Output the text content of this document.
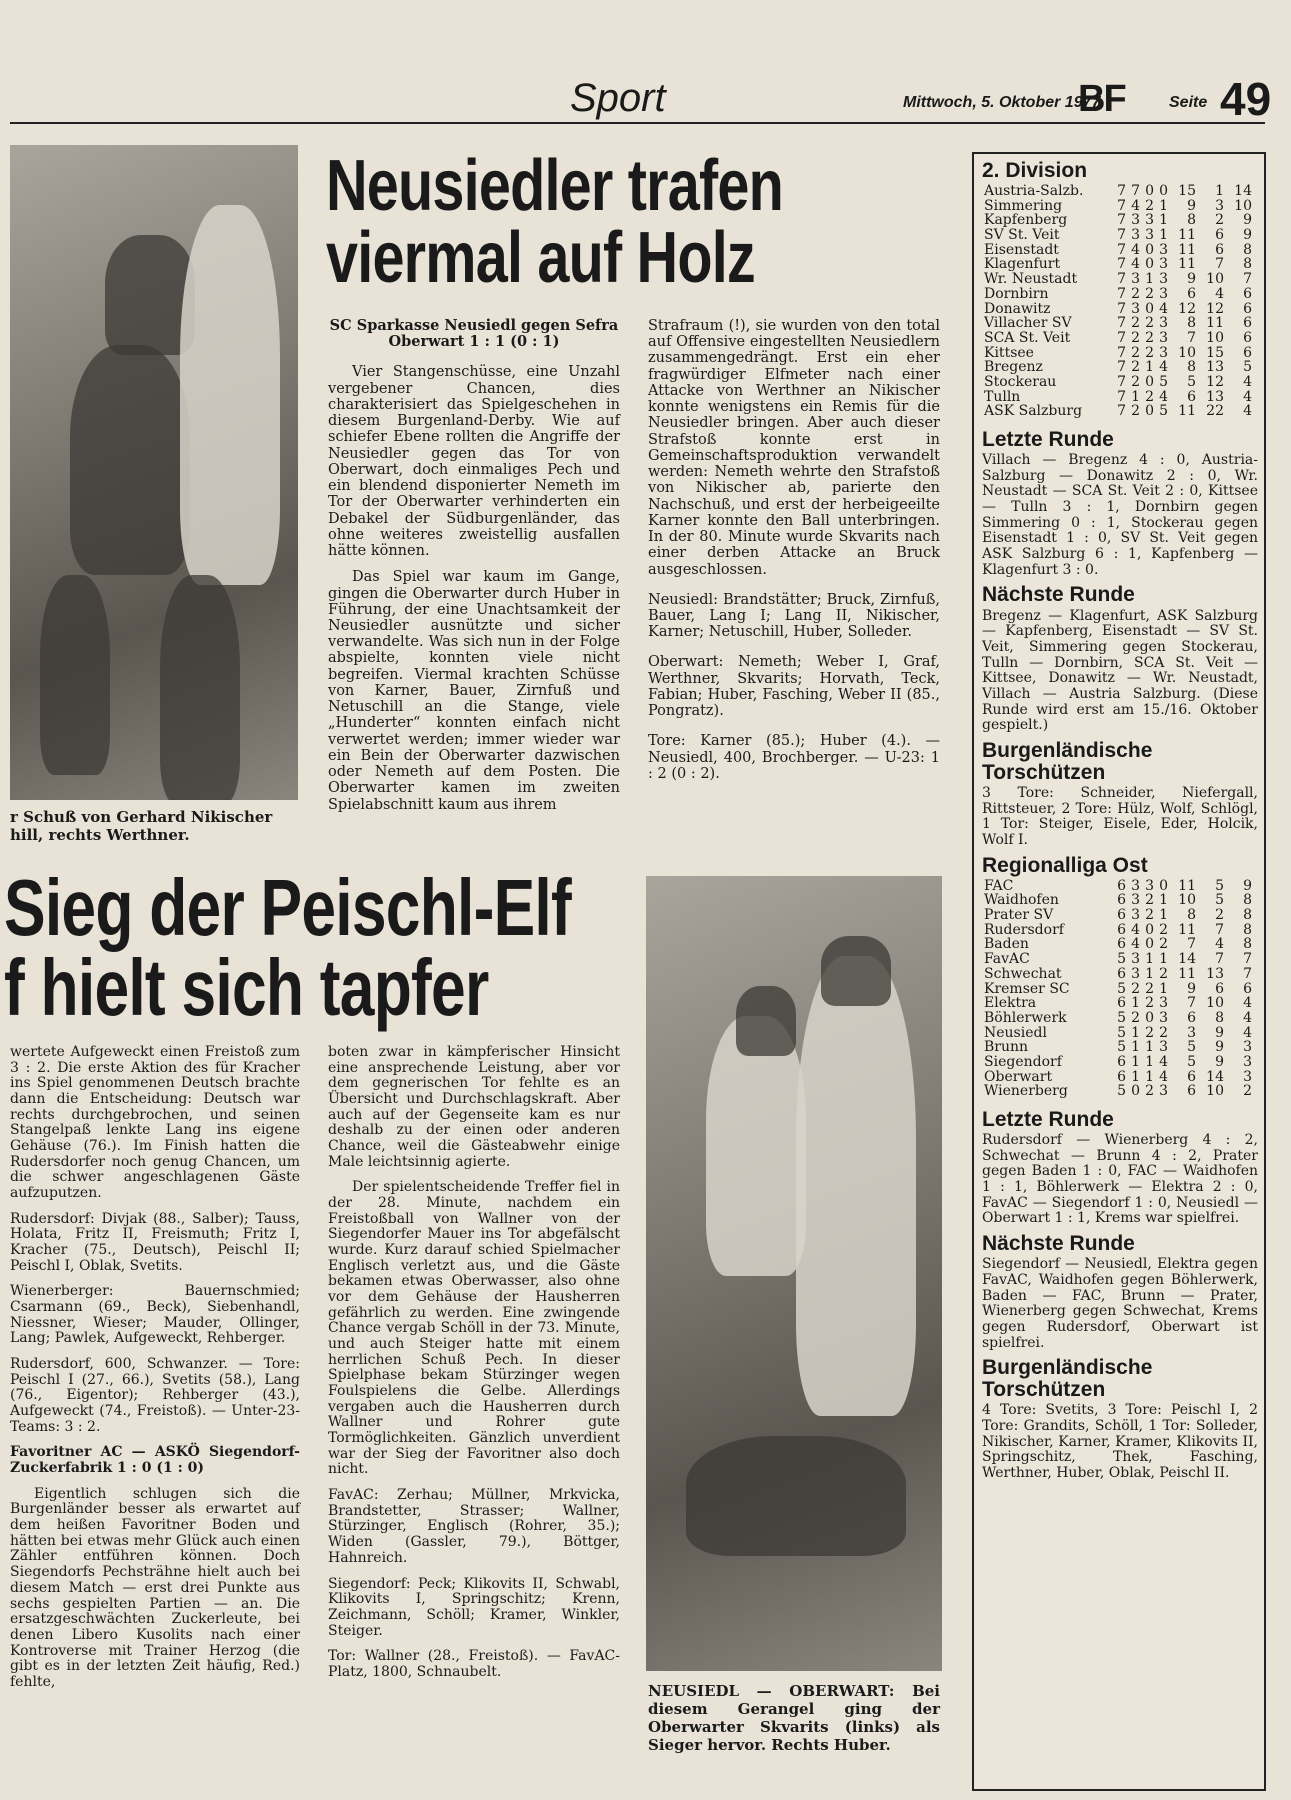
Sport	Mittwoch, 5. Oktober 1977
BF	Seite 49
r Schuß von Gerhard Nikischer hill, rechts Werthner.
Neusiedler trafen
viermal auf Holz
SC Sparkasse Neusiedl gegen Sefra Oberwart 1 : 1 (0 : 1)

Vier Stangenschüsse, eine Unzahl vergebener Chancen, dies charakterisiert das Spielgeschehen in diesem Burgenland-Derby. Wie auf schiefer Ebene rollten die Angriffe der Neusiedler gegen das Tor von Oberwart, doch einmaliges Pech und ein blendend disponierter Nemeth im Tor der Oberwarter verhinderten ein Debakel der Südburgenländer, das ohne weiteres zweistellig ausfallen hätte können.

Das Spiel war kaum im Gange, gingen die Oberwarter durch Huber in Führung, der eine Unachtsamkeit der Neusiedler ausnützte und sicher verwandelte. Was sich nun in der Folge abspielte, konnten viele nicht begreifen. Viermal krachten Schüsse von Karner, Bauer, Zirnfuß und Netuschill an die Stange, viele „Hunderter“ konnten einfach nicht verwertet werden; immer wieder war ein Bein der Oberwarter dazwischen oder Nemeth auf dem Posten. Die Oberwarter kamen im zweiten Spielabschnitt kaum aus ihrem

Strafraum (!), sie wurden von den total auf Offensive eingestellten Neusiedlern zusammengedrängt. Erst ein eher fragwürdiger Elfmeter nach einer Attacke von Werthner an Nikischer konnte wenigstens ein Remis für die Neusiedler bringen. Aber auch dieser Strafstoß konnte erst in Gemeinschaftsproduktion verwandelt werden: Nemeth wehrte den Strafstoß von Nikischer ab, parierte den Nachschuß, und erst der herbeigeeilte Karner konnte den Ball unterbringen. In der 80. Minute wurde Skvarits nach einer derben Attacke an Bruck ausgeschlossen.

Neusiedl: Brandstätter; Bruck, Zirnfuß, Bauer, Lang I; Lang II, Nikischer, Karner; Netuschill, Huber, Solleder.

Oberwart: Nemeth; Weber I, Graf, Werthner, Skvarits; Horvath, Teck, Fabian; Huber, Fasching, Weber II (85., Pongratz).

Tore: Karner (85.); Huber (4.). — Neusiedl, 400, Brochberger. — U-23: 1 : 2 (0 : 2).

Sieg der Peischl-Elf
f hielt sich tapfer

wertete Aufgeweckt einen Freistoß zum 3 : 2. Die erste Aktion des für Kracher ins Spiel genommenen Deutsch brachte dann die Entscheidung: Deutsch war rechts durchgebrochen, und seinen Stangelpaß lenkte Lang ins eigene Gehäuse (76.). Im Finish hatten die Rudersdorfer noch genug Chancen, um die schwer angeschlagenen Gäste aufzuputzen.

Rudersdorf: Divjak (88., Salber); Tauss, Holata, Fritz II, Freismuth; Fritz I, Kracher (75., Deutsch), Peischl II; Peischl I, Oblak, Svetits.

Wienerberger: Bauernschmied; Csarmann (69., Beck), Siebenhandl, Niessner, Wieser; Mauder, Ollinger, Lang; Pawlek, Aufgeweckt, Rehberger.

Rudersdorf, 600, Schwanzer. — Tore: Peischl I (27., 66.), Svetits (58.), Lang (76., Eigentor); Rehberger (43.), Aufgeweckt (74., Freistoß). — Unter-23-Teams: 3 : 2.

Favoritner AC — ASKÖ Siegendorf-Zuckerfabrik 1 : 0 (1 : 0)

Eigentlich schlugen sich die Burgenländer besser als erwartet auf dem heißen Favoritner Boden und hätten bei etwas mehr Glück auch einen Zähler entführen können. Doch Siegendorfs Pechsträhne hielt auch bei diesem Match — erst drei Punkte aus sechs gespielten Partien — an. Die ersatzgeschwächten Zuckerleute, bei denen Libero Kusolits nach einer Kontroverse mit Trainer Herzog (die gibt es in der letzten Zeit häufig, Red.) fehlte,

boten zwar in kämpferischer Hinsicht eine ansprechende Leistung, aber vor dem gegnerischen Tor fehlte es an Übersicht und Durchschlagskraft. Aber auch auf der Gegenseite kam es nur deshalb zu der einen oder anderen Chance, weil die Gästeabwehr einige Male leichtsinnig agierte.

Der spielentscheidende Treffer fiel in der 28. Minute, nachdem ein Freistoßball von Wallner von der Siegendorfer Mauer ins Tor abgefälscht wurde. Kurz darauf schied Spielmacher Englisch verletzt aus, und die Gäste bekamen etwas Oberwasser, also ohne vor dem Gehäuse der Hausherren gefährlich zu werden. Eine zwingende Chance vergab Schöll in der 73. Minute, und auch Steiger hatte mit einem herrlichen Schuß Pech. In dieser Spielphase bekam Stürzinger wegen Foulspielens die Gelbe. Allerdings vergaben auch die Hausherren durch Wallner und Rohrer gute Tormöglichkeiten. Gänzlich unverdient war der Sieg der Favoritner also doch nicht.

FavAC: Zerhau; Müllner, Mrkvicka, Brandstetter, Strasser; Wallner, Stürzinger, Englisch (Rohrer, 35.); Widen (Gassler, 79.), Böttger, Hahnreich.

Siegendorf: Peck; Klikovits II, Schwabl, Klikovits I, Springschitz; Krenn, Zeichmann, Schöll; Kramer, Winkler, Steiger.

Tor: Wallner (28., Freistoß). — FavAC-Platz, 1800, Schnaubelt.

NEUSIEDL — OBERWART: Bei diesem Gerangel ging der Oberwarter Skvarits (links) als Sieger hervor. Rechts Huber.
2. Division
Austria-Salzb.	7	7	0	0	15	1	14
Simmering	7	4	2	1	9	3	10
Kapfenberg	7	3	3	1	8	2	9
SV St. Veit	7	3	3	1	11	6	9
Eisenstadt	7	4	0	3	11	6	8
Klagenfurt	7	4	0	3	11	7	8
Wr. Neustadt	7	3	1	3	9	10	7
Dornbirn	7	2	2	3	6	4	6
Donawitz	7	3	0	4	12	12	6
Villacher SV	7	2	2	3	8	11	6
SCA St. Veit	7	2	2	3	7	10	6
Kittsee	7	2	2	3	10	15	6
Bregenz	7	2	1	4	8	13	5
Stockerau	7	2	0	5	5	12	4
Tulln	7	1	2	4	6	13	4
ASK Salzburg	7	2	0	5	11	22	4
Letzte Runde

Villach — Bregenz 4 : 0, Austria-Salzburg — Donawitz 2 : 0, Wr. Neustadt — SCA St. Veit 2 : 0, Kittsee — Tulln 3 : 1, Dornbirn gegen Simmering 0 : 1, Stockerau gegen Eisenstadt 1 : 0, SV St. Veit gegen ASK Salzburg 6 : 1, Kapfenberg — Klagenfurt 3 : 0.

Nächste Runde

Bregenz — Klagenfurt, ASK Salzburg — Kapfenberg, Eisenstadt — SV St. Veit, Simmering gegen Stockerau, Tulln — Dornbirn, SCA St. Veit — Kittsee, Donawitz — Wr. Neustadt, Villach — Austria Salzburg. (Diese Runde wird erst am 15./16. Oktober gespielt.)

Burgenländische Torschützen

3 Tore: Schneider, Niefergall, Rittsteuer, 2 Tore: Hülz, Wolf, Schlögl, 1 Tor: Steiger, Eisele, Eder, Holcik, Wolf I.

Regionalliga Ost
FAC	6	3	3	0	11	5	9
Waidhofen	6	3	2	1	10	5	8
Prater SV	6	3	2	1	8	2	8
Rudersdorf	6	4	0	2	11	7	8
Baden	6	4	0	2	7	4	8
FavAC	5	3	1	1	14	7	7
Schwechat	6	3	1	2	11	13	7
Kremser SC	5	2	2	1	9	6	6
Elektra	6	1	2	3	7	10	4
Böhlerwerk	5	2	0	3	6	8	4
Neusiedl	5	1	2	2	3	9	4
Brunn	5	1	1	3	5	9	3
Siegendorf	6	1	1	4	5	9	3
Oberwart	6	1	1	4	6	14	3
Wienerberg	5	0	2	3	6	10	2
Letzte Runde

Rudersdorf — Wienerberg 4 : 2, Schwechat — Brunn 4 : 2, Prater gegen Baden 1 : 0, FAC — Waidhofen 1 : 1, Böhlerwerk — Elektra 2 : 0, FavAC — Siegendorf 1 : 0, Neusiedl — Oberwart 1 : 1, Krems war spielfrei.

Nächste Runde

Siegendorf — Neusiedl, Elektra gegen FavAC, Waidhofen gegen Böhlerwerk, Baden — FAC, Brunn — Prater, Wienerberg gegen Schwechat, Krems gegen Rudersdorf, Oberwart ist spielfrei.

Burgenländische Torschützen

4 Tore: Svetits, 3 Tore: Peischl I, 2 Tore: Grandits, Schöll, 1 Tor: Solleder, Nikischer, Karner, Kramer, Klikovits II, Springschitz, Thek, Fasching, Werthner, Huber, Oblak, Peischl II.
